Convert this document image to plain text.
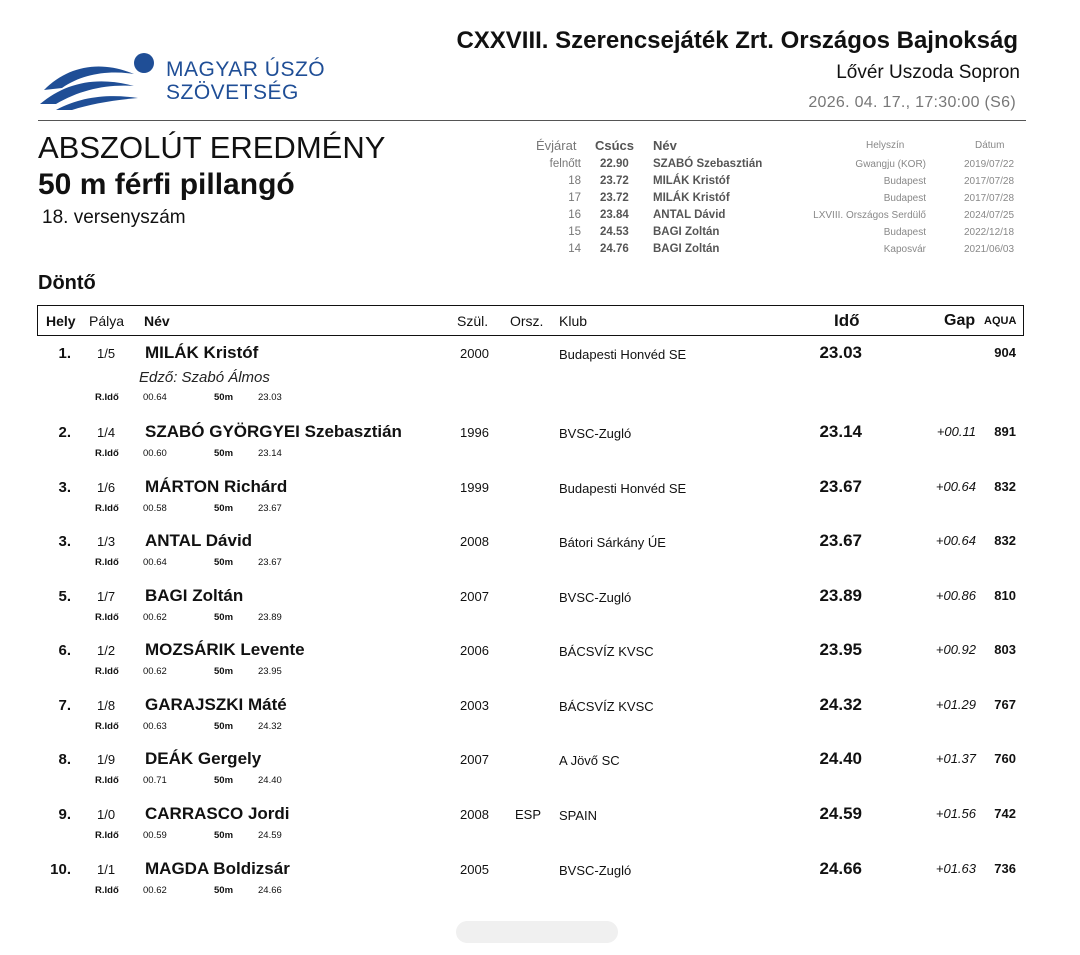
MAGYAR ÚSZÓ
SZÖVETSÉG
CXXVIII. Szerencsejáték Zrt. Országos Bajnokság
Lővér Uszoda Sopron
2026. 04. 17., 17:30:00 (S6)
ABSZOLÚT EREDMÉNY
50 m férfi pillangó
18. versenyszám
Évjárat Csúcs Név	Helyszín	Dátum
felnőtt 22.90 SZABÓ Szebasztián	Gwangju (KOR)	2019/07/22
18 23.72 MILÁK Kristóf	Budapest	2017/07/28
17 23.72 MILÁK Kristóf	Budapest	2017/07/28
16 23.84 ANTAL Dávid	LXVIII. Országos Serdülő	2024/07/25
15 24.53 BAGI Zoltán	Budapest	2022/12/18
14 24.76 BAGI Zoltán	Kaposvár	2021/06/03
Döntő
Hely Pálya Név	Szül. Orsz. Klub	Idő	Gap AQUA
1. 1/5 MILÁK Kristóf	2000	Budapesti Honvéd SE	23.03	904
Edző: Szabó Álmos
R.Idő	00.64	50m	23.03
2. 1/4 SZABÓ GYÖRGYEI Szebasztián	1996	BVSC-Zugló	23.14	+00.11 891
R.Idő	00.60	50m	23.14
3. 1/6 MÁRTON Richárd	1999	Budapesti Honvéd SE	23.67	+00.64 832
R.Idő	00.58	50m	23.67
3. 1/3 ANTAL Dávid	2008	Bátori Sárkány ÚE	23.67	+00.64 832
R.Idő	00.64	50m	23.67
5. 1/7 BAGI Zoltán	2007	BVSC-Zugló	23.89	+00.86 810
R.Idő	00.62	50m	23.89
6. 1/2 MOZSÁRIK Levente	2006	BÁCSVÍZ KVSC	23.95	+00.92 803
R.Idő	00.62	50m	23.95
7. 1/8 GARAJSZKI Máté	2003	BÁCSVÍZ KVSC	24.32	+01.29 767
R.Idő	00.63	50m	24.32
8. 1/9 DEÁK Gergely	2007	A Jövő SC	24.40	+01.37 760
R.Idő	00.71	50m	24.40
9. 1/0 CARRASCO Jordi	2008 ESP SPAIN	24.59	+01.56 742
R.Idő	00.59	50m	24.59
10. 1/1 MAGDA Boldizsár	2005	BVSC-Zugló	24.66	+01.63 736
R.Idő	00.62	50m	24.66
